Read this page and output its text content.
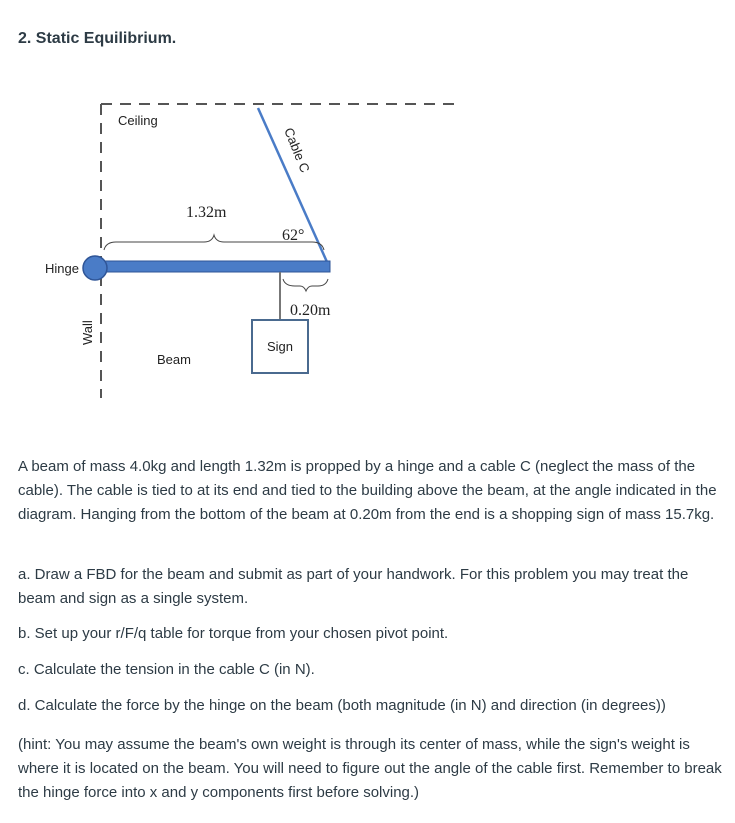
2. Static Equilibrium.
Ceiling
Wall
Cable C
1.32m
62°
Hinge
0.20m
Sign
Beam

A beam of mass 4.0kg and length 1.32m is propped by a hinge and a cable C (neglect the mass of the cable). The cable is tied to at its end and tied to the building above the beam, at the angle indicated in the diagram. Hanging from the bottom of the beam at 0.20m from the end is a shopping sign of mass 15.7kg.

a. Draw a FBD for the beam and submit as part of your handwork. For this problem you may treat the beam and sign as a single system.

b. Set up your r/F/q table for torque from your chosen pivot point.

c. Calculate the tension in the cable C (in N).

d. Calculate the force by the hinge on the beam (both magnitude (in N) and direction (in degrees))

(hint: You may assume the beam's own weight is through its center of mass, while the sign's weight is where it is located on the beam. You will need to figure out the angle of the cable first. Remember to break the hinge force into x and y components first before solving.)
